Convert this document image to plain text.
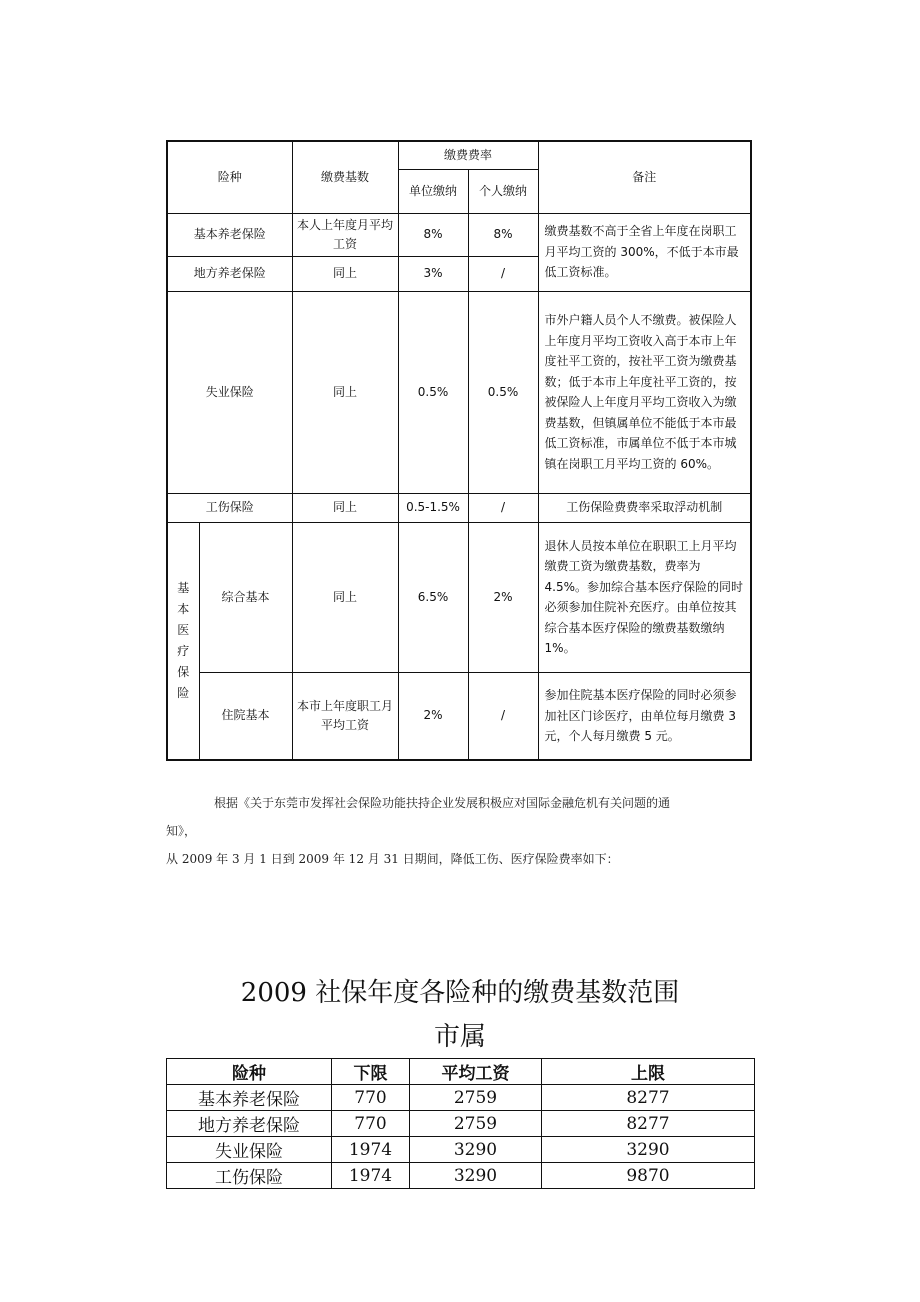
险种		缴费基数	缴费费率		备注
			单位缴纳	个人缴纳	
基本养老保险		本人上年度月平均工资	8%	8%	缴费基数不高于全省上年度在岗职工月平均工资的 300%，不低于本市最低工资标准。
地方养老保险		同上	3%	/	
失业保险		同上	0.5%	0.5%	市外户籍人员个人不缴费。被保险人上年度月平均工资收入高于本市上年度社平工资的，按社平工资为缴费基数；低于本市上年度社平工资的，按被保险人上年度月平均工资收入为缴费基数，但镇属单位不能低于本市最低工资标准，市属单位不低于本市城镇在岗职工月平均工资的 60%。
工伤保险		同上	0.5-1.5%	/	工伤保险费费率采取浮动机制

基本医疗保险	综合基本	同上	6.5%	2%	退休人员按本单位在职职工上月平均缴费工资为缴费基数，费率为 4.5%。参加综合基本医疗保险的同时必须参加住院补充医疗。由单位按其综合基本医疗保险的缴费基数缴纳1%。
	住院基本	本市上年度职工月平均工资	2%	/	参加住院基本医疗保险的同时必须参加社区门诊医疗，由单位每月缴费 3 元，个人每月缴费 5 元。

根据《关于东莞市发挥社会保险功能扶持企业发展积极应对国际金融危机有关问题的通

知》，

从 2009 年 3 月 1 日到 2009 年 12 月 31 日期间，降低工伤、医疗保险费率如下：

2009 社保年度各险种的缴费基数范围
市属
险种	下限	平均工资	上限
基本养老保险	770	2759	8277
地方养老保险	770	2759	8277
失业保险	1974	3290	3290
工伤保险	1974	3290	9870
